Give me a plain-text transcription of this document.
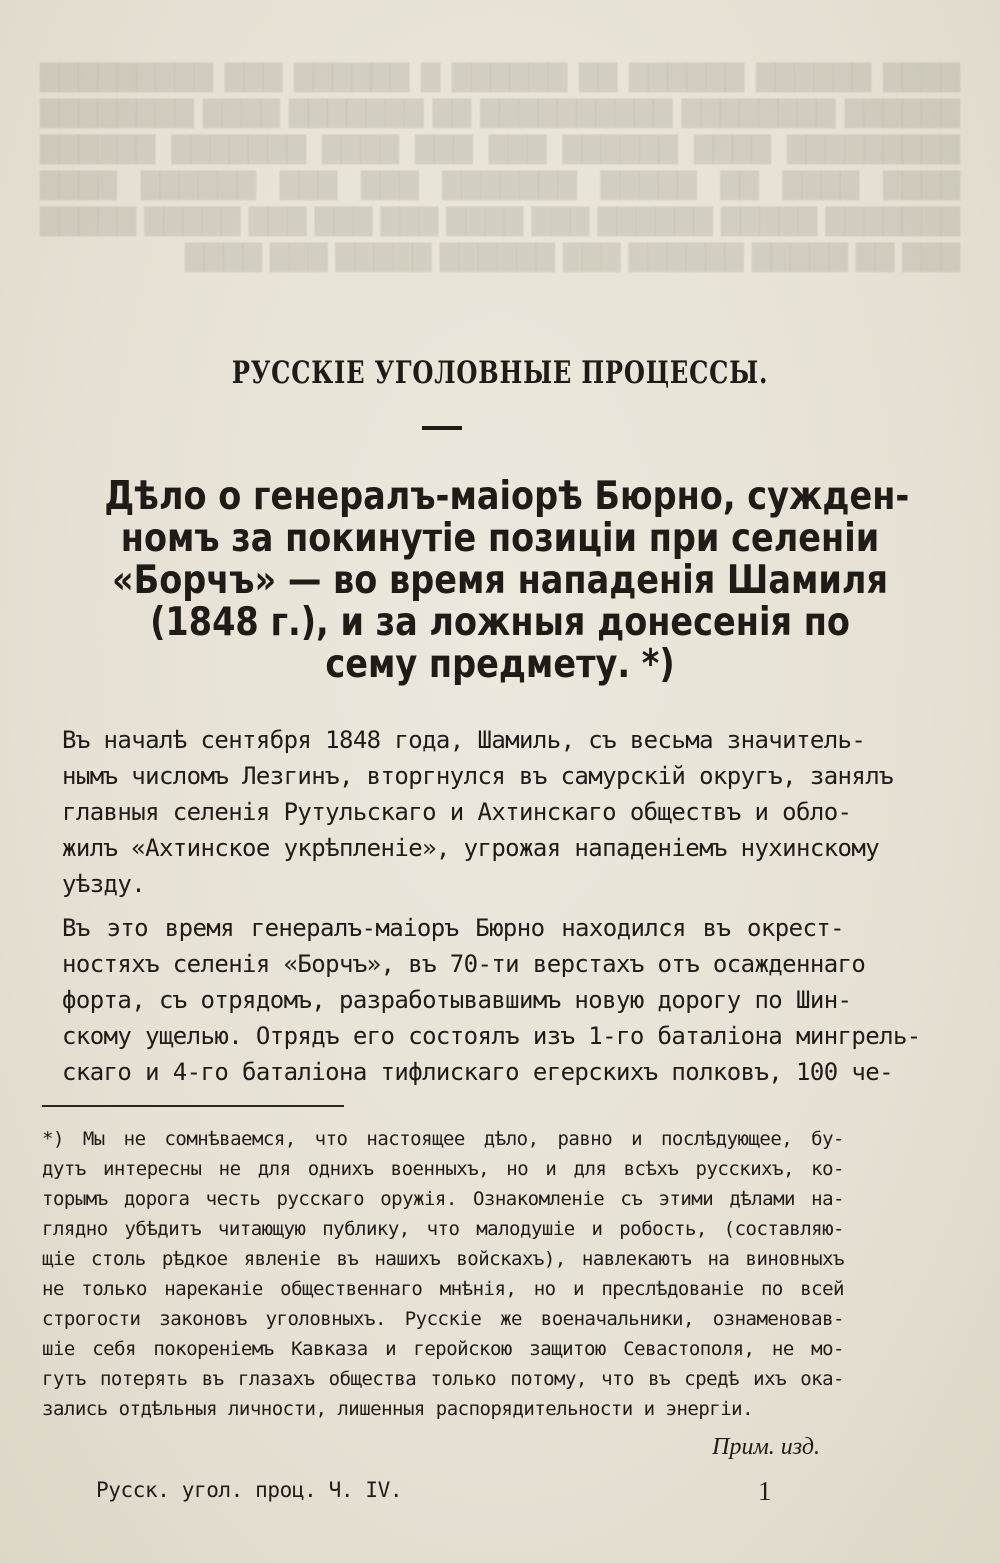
████ ██████ ██████ ██ ██████ █ ██████ ███ █████████ ██████ ████████ ██████████ ██ ███████ ████ ████████ █████████ ████ ██████ ███ ███ ████ ███████ ██████ ████ ████ ██ █████ ███████ ███ ███ ██████ ████ ███████ █████ ██████ ███ ████ ███ ███ ███ █████ █████ ███ ██ █████ ██████ ███ ██████ █████ ███ ████
РУССКІЕ УГОЛОВНЫЕ ПРОЦЕССЫ.
Дѣло о генералъ-маіорѣ Бюрно, сужден-
номъ за покинутіе позиціи при селеніи
«Борчъ» — во время нападенія Шамиля
(1848 г.), и за ложныя донесенія по
сему предмету. *)
Въ началѣ сентября 1848 года, Шамиль, съ весьма значитель-
нымъ числомъ Лезгинъ, вторгнулся въ самурскій округъ, занялъ
главныя селенія Рутульскаго и Ахтинскаго обществъ и обло-
жилъ «Ахтинское укрѣпленіе», угрожая нападеніемъ нухинскому
уѣзду.
Въ это время генералъ-маіоръ Бюрно находился въ окрест-
ностяхъ селенія «Борчъ», въ 70-ти верстахъ отъ осажденнаго
форта, съ отрядомъ, разработывавшимъ новую дорогу по Шин-
скому ущелью. Отрядъ его состоялъ изъ 1-го баталіона мингрель-
скаго и 4-го баталіона тифлискаго егерскихъ полковъ, 100 че-
*) Мы не сомнѣваемся, что настоящее дѣло, равно и послѣдующее, бу-
дутъ интересны не для однихъ военныхъ, но и для всѣхъ русскихъ, ко-
торымъ дорога честь русскаго оружія. Ознакомленіе съ этими дѣлами на-
глядно убѣдитъ читающую публику, что малодушіе и робость, (составляю-
щіе столь рѣдкое явленіе въ нашихъ войскахъ), навлекаютъ на виновныхъ
не только нареканіе общественнаго мнѣнія, но и преслѣдованіе по всей
строгости законовъ уголовныхъ. Русскіе же военачальники, ознаменовав-
шіе себя покореніемъ Кавказа и геройскою защитою Севастополя, не мо-
гутъ потерять въ глазахъ общества только потому, что въ средѣ ихъ ока-
зались отдѣльныя личности, лишенныя распорядительности и энергіи.
Прим. изд.
Русск. угол. проц. Ч. IV.	1
